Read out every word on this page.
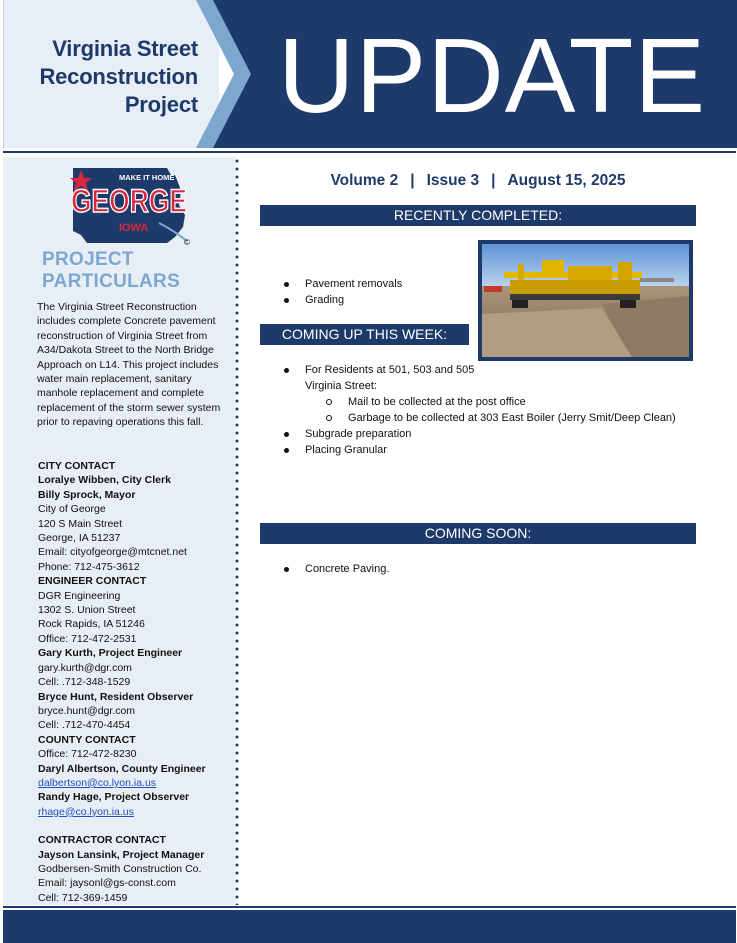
Virginia Street
Reconstruction
Project UPDATE
MAKE IT HOME
GEORGE
IOWA
©
PROJECT
PARTICULARS
The Virginia Street Reconstruction includes complete Concrete pavement reconstruction of Virginia Street from A34/Dakota Street to the North Bridge Approach on L14. This project includes water main replacement, sanitary manhole replacement and complete replacement of the storm sewer system prior to repaving operations this fall.
CITY CONTACT
Loralye Wibben, City Clerk
Billy Sprock, Mayor
City of George
120 S Main Street
George, IA 51237
Email: cityofgeorge@mtcnet.net
Phone: 712-475-3612
ENGINEER CONTACT
DGR Engineering
1302 S. Union Street
Rock Rapids, IA 51246
Office: 712-472-2531
Gary Kurth, Project Engineer
gary.kurth@dgr.com
Cell: .712-348-1529
Bryce Hunt, Resident Observer
bryce.hunt@dgr.com
Cell: .712-470-4454
COUNTY CONTACT
Office: 712-472-8230
Daryl Albertson, County Engineer
dalbertson@co.lyon.ia.us
Randy Hage, Project Observer
rhage@co.lyon.ia.us
CONTRACTOR CONTACT
Jayson Lansink, Project Manager
Godbersen-Smith Construction Co.
Email: jaysonl@gs-const.com
Cell: 712-369-1459
Volume 2 | Issue 3 | August 15, 2025
RECENTLY COMPLETED:
Pavement removals
Grading
COMING UP THIS WEEK:
For Residents at 501, 503 and 505 Virginia Street:
Mail to be collected at the post office
Garbage to be collected at 303 East Boiler (Jerry Smit/Deep Clean)
Subgrade preparation
Placing Granular
COMING SOON:
Concrete Paving.
